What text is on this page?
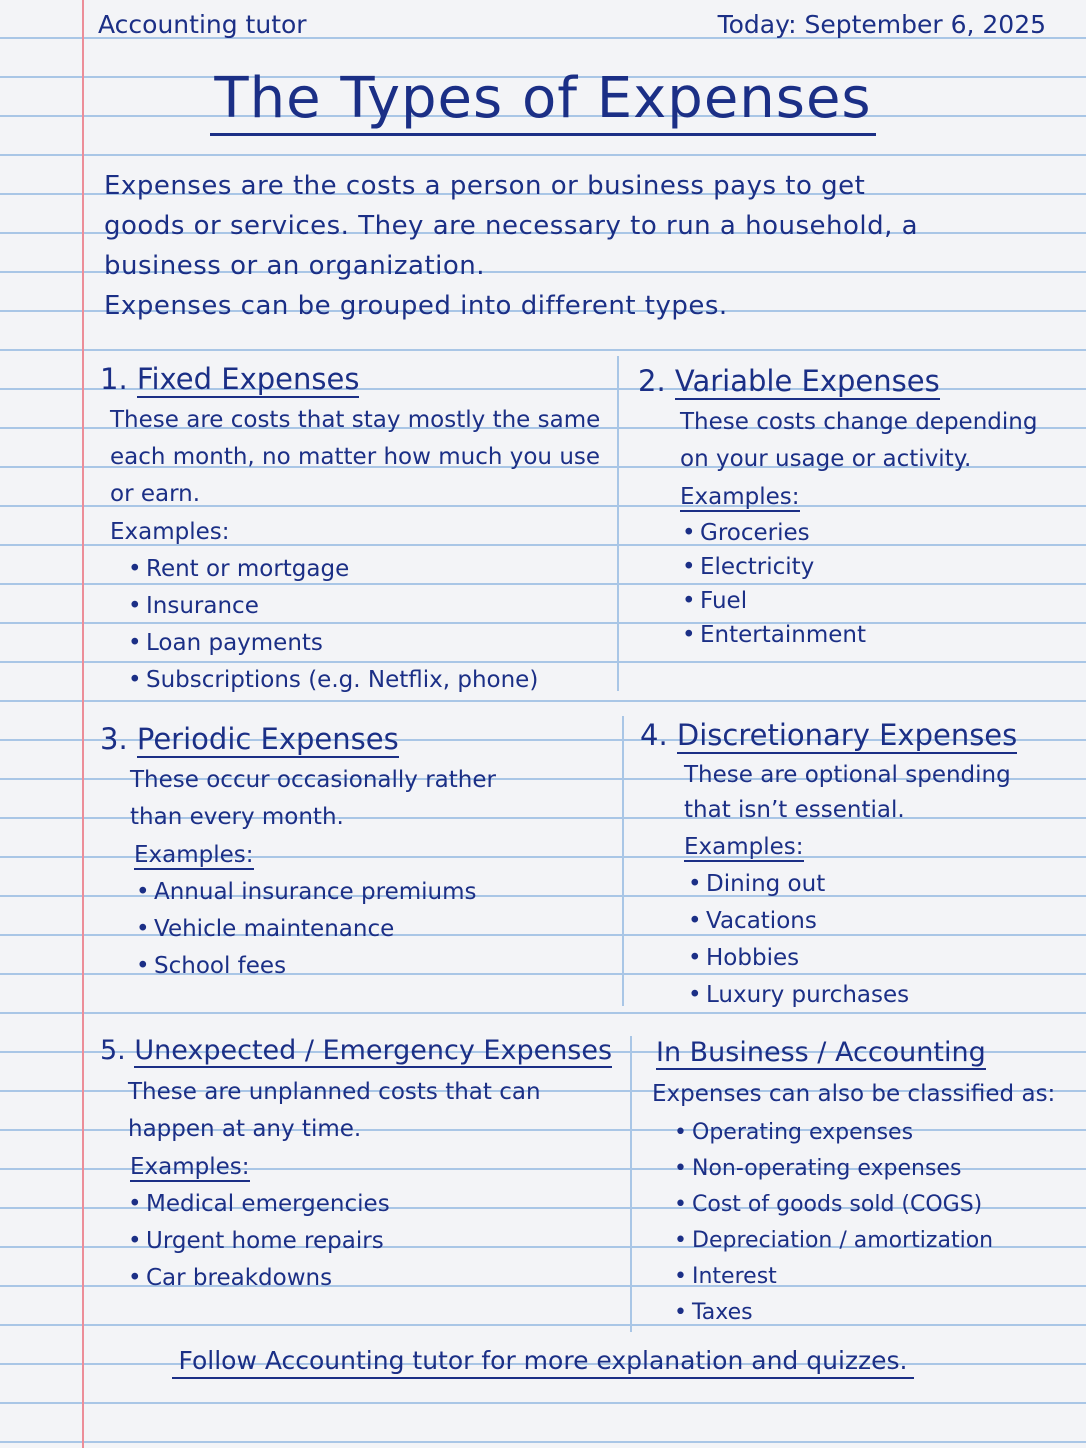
Accounting tutor	Today: September 6, 2025
The Types of Expenses

Expenses are the costs a person or business pays to get goods or services. They are necessary to run a household, a business or an organization.

Expenses can be grouped into different types.

1. Fixed Expenses
These are costs that stay mostly the same each month, no matter how much you use or earn.
Examples:
• Rent or mortgage
• Insurance
• Loan payments
• Subscriptions (e.g. Netflix, phone)
2. Variable Expenses
These costs change depending on your usage or activity.
Examples:
• Groceries
• Electricity
• Fuel
• Entertainment
3. Periodic Expenses
These occur occasionally rather than every month.
Examples:
• Annual insurance premiums
• Vehicle maintenance
• School fees
4. Discretionary Expenses
These are optional spending that isn’t essential.
Examples:
• Dining out
• Vacations
• Hobbies
• Luxury purchases
5. Unexpected / Emergency Expenses
These are unplanned costs that can happen at any time.
Examples:
• Medical emergencies
• Urgent home repairs
• Car breakdowns
In Business / Accounting
Expenses can also be classified as:
• Operating expenses
• Non-operating expenses
• Cost of goods sold (COGS)
• Depreciation / amortization
• Interest
• Taxes
Follow Accounting tutor for more explanation and quizzes.
